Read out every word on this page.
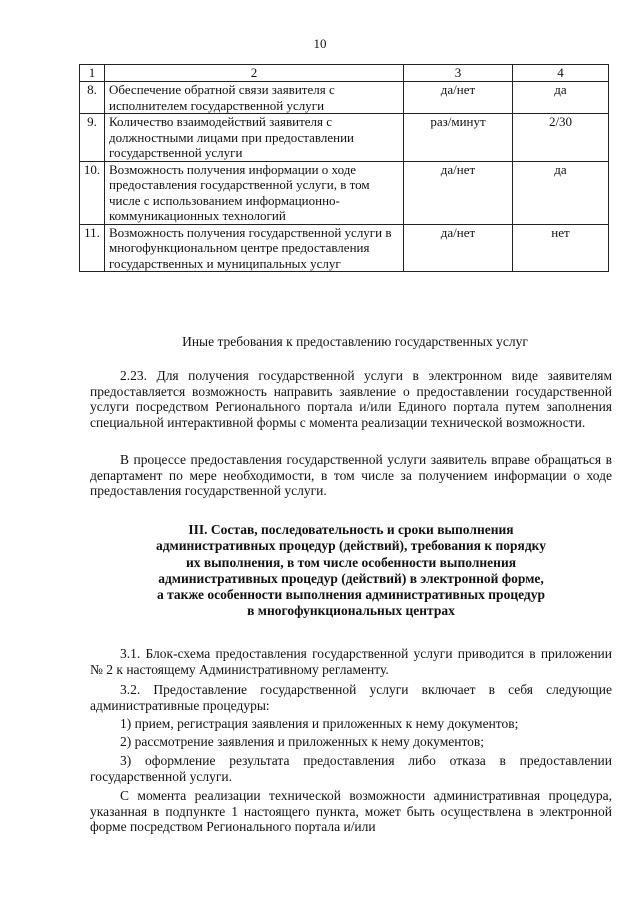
10
1	2	3	4
8.	Обеспечение обратной связи заявителя с исполнителем государственной услуги	да/нет	да
9.	Количество взаимодействий заявителя с должностными лицами при предоставлении государственной услуги	раз/минут	2/30
10.	Возможность получения информации о ходе предоставления государственной услуги, в том числе с использованием информационно-коммуникационных технологий	да/нет	да
11.	Возможность получения государственной услуги в многофункциональном центре предоставления государственных и муниципальных услуг	да/нет	нет
Иные требования к предоставлению государственных услуг
2.23. Для получения государственной услуги в электронном виде заявителям предоставляется возможность направить заявление о предоставлении государственной услуги посредством Регионального портала и/или Единого портала путем заполнения специальной интерактивной формы с момента реализации технической возможности.
В процессе предоставления государственной услуги заявитель вправе обращаться в департамент по мере необходимости, в том числе за получением информации о ходе предоставления государственной услуги.
III. Состав, последовательность и сроки выполнения
административных процедур (действий), требования к порядку
их выполнения, в том числе особенности выполнения
административных процедур (действий) в электронной форме,
а также особенности выполнения административных процедур
в многофункциональных центрах
3.1. Блок-схема предоставления государственной услуги приводится в приложении № 2 к настоящему Административному регламенту.
3.2. Предоставление государственной услуги включает в себя следующие административные процедуры:
1) прием, регистрация заявления и приложенных к нему документов;
2) рассмотрение заявления и приложенных к нему документов;
3) оформление результата предоставления либо отказа в предоставлении государственной услуги.
С момента реализации технической возможности административная процедура, указанная в подпункте 1 настоящего пункта, может быть осуществлена в электронной форме посредством Регионального портала и/или
